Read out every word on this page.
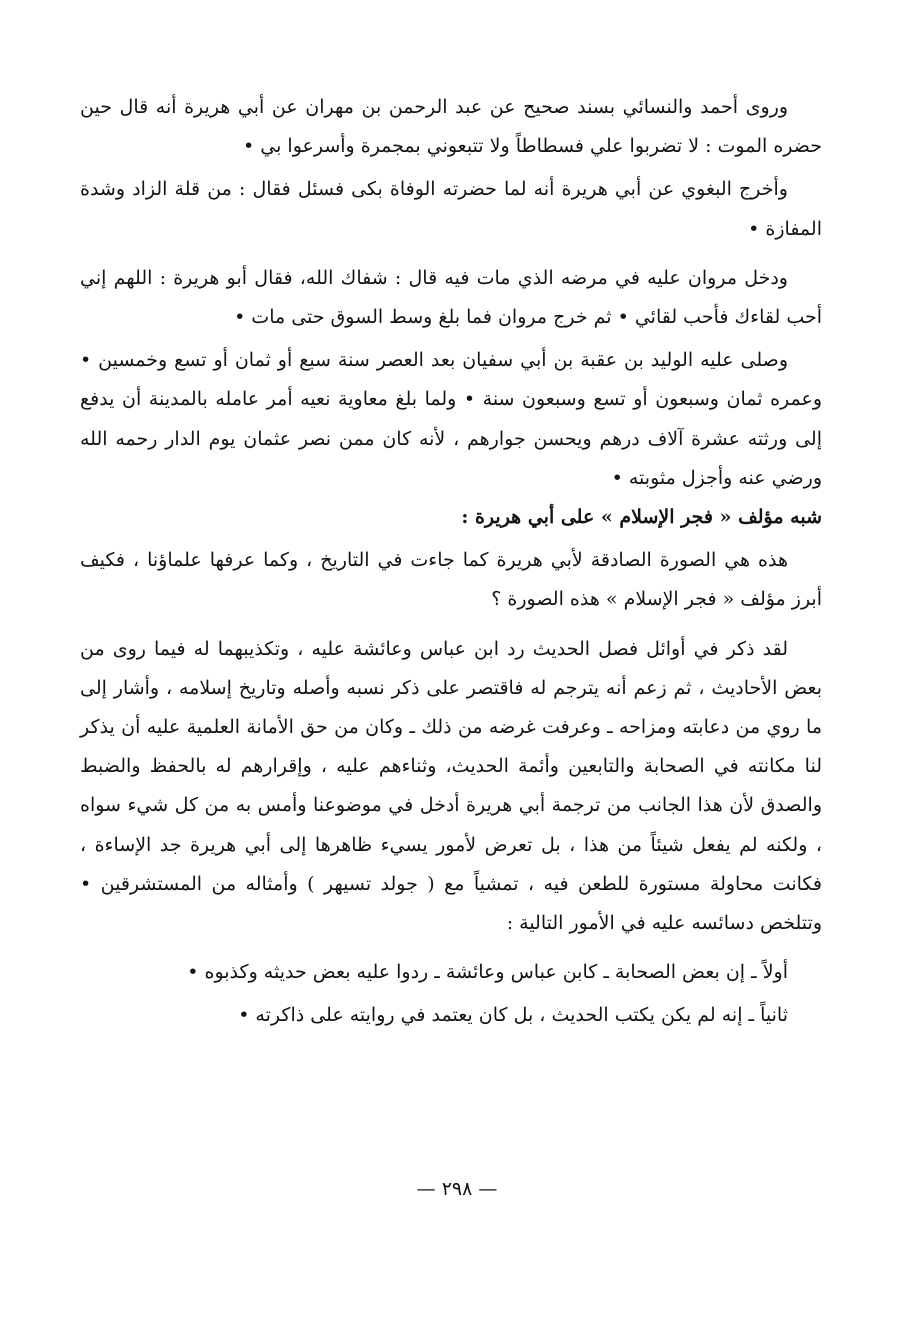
وروى أحمد والنسائي بسند صحيح عن عبد الرحمن بن مهران عن أبي هريرة أنه قال حين حضره الموت : لا تضربوا علي فسطاطاً ولا تتبعوني بمجمرة وأسرعوا بي •

وأخرج البغوي عن أبي هريرة أنه لما حضرته الوفاة بكى فسئل فقال : من قلة الزاد وشدة المفازة •

ودخل مروان عليه في مرضه الذي مات فيه قال : شفاك الله، فقال أبو هريرة : اللهم إني أحب لقاءك فأحب لقائي • ثم خرج مروان فما بلغ وسط السوق حتى مات •

وصلى عليه الوليد بن عقبة بن أبي سفيان بعد العصر سنة سبع أو ثمان أو تسع وخمسين • وعمره ثمان وسبعون أو تسع وسبعون سنة • ولما بلغ معاوية نعيه أمر عامله بالمدينة أن يدفع إلى ورثته عشرة آلاف درهم ويحسن جوارهم ، لأنه كان ممن نصر عثمان يوم الدار رحمه الله ورضي عنه وأجزل مثوبته •

شبه مؤلف « فجر الإسلام » على أبي هريرة :

هذه هي الصورة الصادقة لأبي هريرة كما جاءت في التاريخ ، وكما عرفها علماؤنا ، فكيف أبرز مؤلف « فجر الإسلام » هذه الصورة ؟

لقد ذكر في أوائل فصل الحديث رد ابن عباس وعائشة عليه ، وتكذيبهما له فيما روى من بعض الأحاديث ، ثم زعم أنه يترجم له فاقتصر على ذكر نسبه وأصله وتاريخ إسلامه ، وأشار إلى ما روي من دعابته ومزاحه ـ وعرفت غرضه من ذلك ـ وكان من حق الأمانة العلمية عليه أن يذكر لنا مكانته في الصحابة والتابعين وأئمة الحديث، وثناءهم عليه ، وإقرارهم له بالحفظ والضبط والصدق لأن هذا الجانب من ترجمة أبي هريرة أدخل في موضوعنا وأمس به من كل شيء سواه ، ولكنه لم يفعل شيئاً من هذا ، بل تعرض لأمور يسيء ظاهرها إلى أبي هريرة جد الإساءة ، فكانت محاولة مستورة للطعن فيه ، تمشياً مع ( جولد تسيهر ) وأمثاله من المستشرقين • وتتلخص دسائسه عليه في الأمور التالية :

أولاً ـ إن بعض الصحابة ـ كابن عباس وعائشة ـ ردوا عليه بعض حديثه وكذبوه •

ثانياً ـ إنه لم يكن يكتب الحديث ، بل كان يعتمد في روايته على ذاكرته •

— ٢٩٨ —
